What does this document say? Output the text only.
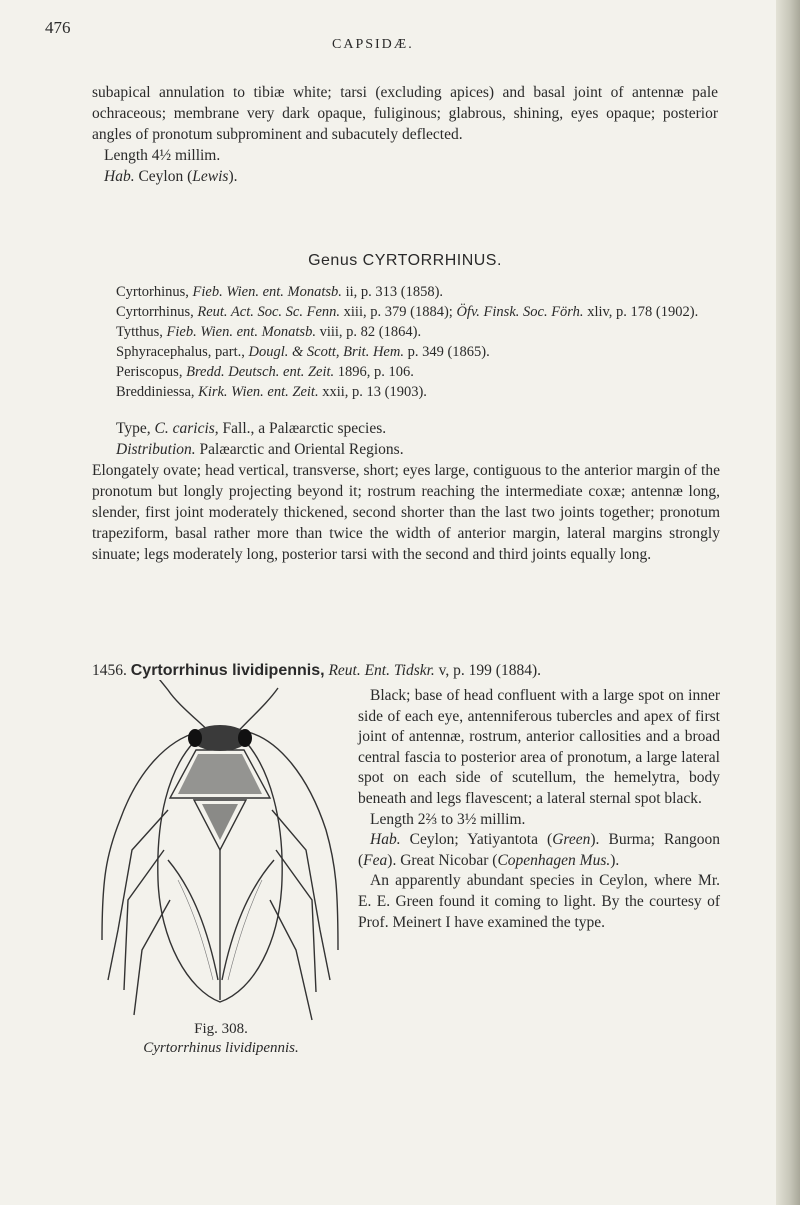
476
CAPSIDÆ.

subapical annulation to tibiæ white; tarsi (excluding apices) and basal joint of antennæ pale ochraceous; membrane very dark opaque, fuliginous; glabrous, shining, eyes opaque; posterior angles of pronotum subprominent and subacutely deflected.

Length 4½ millim.

Hab. Ceylon (Lewis).

Genus CYRTORRHINUS.

Cyrtorhinus, Fieb. Wien. ent. Monatsb. ii, p. 313 (1858).

Cyrtorrhinus, Reut. Act. Soc. Sc. Fenn. xiii, p. 379 (1884); Öfv. Finsk. Soc. Förh. xliv, p. 178 (1902).

Tytthus, Fieb. Wien. ent. Monatsb. viii, p. 82 (1864).

Sphyracephalus, part., Dougl. & Scott, Brit. Hem. p. 349 (1865).

Periscopus, Bredd. Deutsch. ent. Zeit. 1896, p. 106.

Breddiniessa, Kirk. Wien. ent. Zeit. xxii, p. 13 (1903).

Type, C. caricis, Fall., a Palæarctic species.

Distribution. Palæarctic and Oriental Regions.

Elongately ovate; head vertical, transverse, short; eyes large, contiguous to the anterior margin of the pronotum but longly projecting beyond it; rostrum reaching the intermediate coxæ; antennæ long, slender, first joint moderately thickened, second shorter than the last two joints together; pronotum trapeziform, basal rather more than twice the width of anterior margin, lateral margins strongly sinuate; legs moderately long, posterior tarsi with the second and third joints equally long.

1456. Cyrtorrhinus lividipennis, Reut. Ent. Tidskr. v, p. 199 (1884).
Fig. 308.
Cyrtorrhinus lividipennis.

Black; base of head confluent with a large spot on inner side of each eye, antenniferous tubercles and apex of first joint of antennæ, rostrum, anterior callosities and a broad central fascia to posterior area of pronotum, a large lateral spot on each side of scutellum, the hemelytra, body beneath and legs flavescent; a lateral sternal spot black.

Length 2⅔ to 3½ millim.

Hab. Ceylon; Yatiyantota (Green). Burma; Rangoon (Fea). Great Nicobar (Copenhagen Mus.).

An apparently abundant species in Ceylon, where Mr. E. E. Green found it coming to light. By the courtesy of Prof. Meinert I have examined the type.
